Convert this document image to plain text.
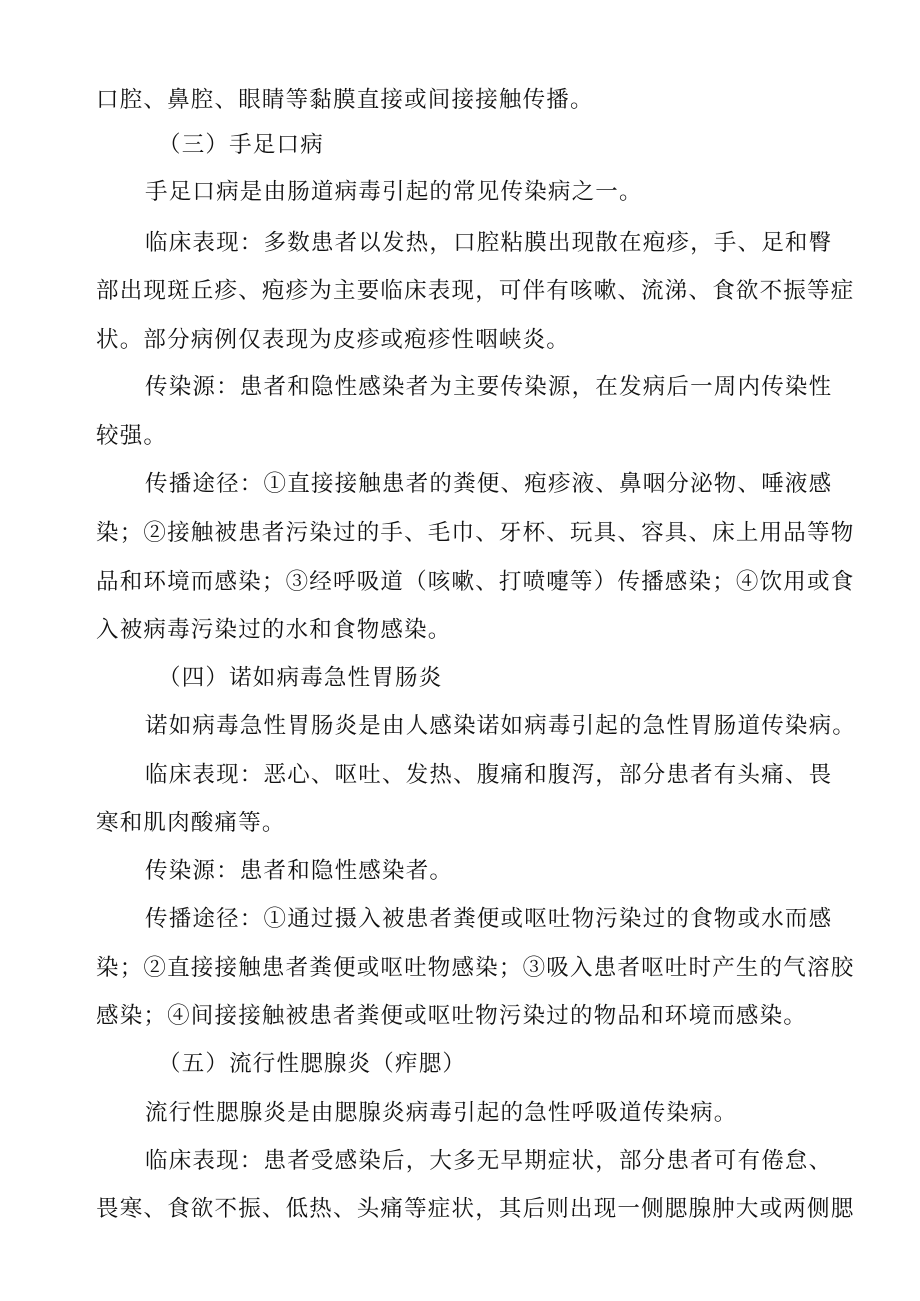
口腔、鼻腔、眼睛等黏膜直接或间接接触传播。
（三）手足口病
手足口病是由肠道病毒引起的常见传染病之一。
临床表现：多数患者以发热，口腔粘膜出现散在疱疹，手、足和臀
部出现斑丘疹、疱疹为主要临床表现，可伴有咳嗽、流涕、食欲不振等症
状。部分病例仅表现为皮疹或疱疹性咽峡炎。
传染源：患者和隐性感染者为主要传染源，在发病后一周内传染性
较强。
传播途径：①直接接触患者的粪便、疱疹液、鼻咽分泌物、唾液感
染；②接触被患者污染过的手、毛巾、牙杯、玩具、容具、床上用品等物
品和环境而感染；③经呼吸道（咳嗽、打喷嚏等）传播感染；④饮用或食
入被病毒污染过的水和食物感染。
（四）诺如病毒急性胃肠炎
诺如病毒急性胃肠炎是由人感染诺如病毒引起的急性胃肠道传染病。
临床表现：恶心、呕吐、发热、腹痛和腹泻，部分患者有头痛、畏
寒和肌肉酸痛等。
传染源：患者和隐性感染者。
传播途径：①通过摄入被患者粪便或呕吐物污染过的食物或水而感
染；②直接接触患者粪便或呕吐物感染；③吸入患者呕吐时产生的气溶胶
感染；④间接接触被患者粪便或呕吐物污染过的物品和环境而感染。
（五）流行性腮腺炎（痄腮）
流行性腮腺炎是由腮腺炎病毒引起的急性呼吸道传染病。
临床表现：患者受感染后，大多无早期症状，部分患者可有倦怠、
畏寒、食欲不振、低热、头痛等症状，其后则出现一侧腮腺肿大或两侧腮
